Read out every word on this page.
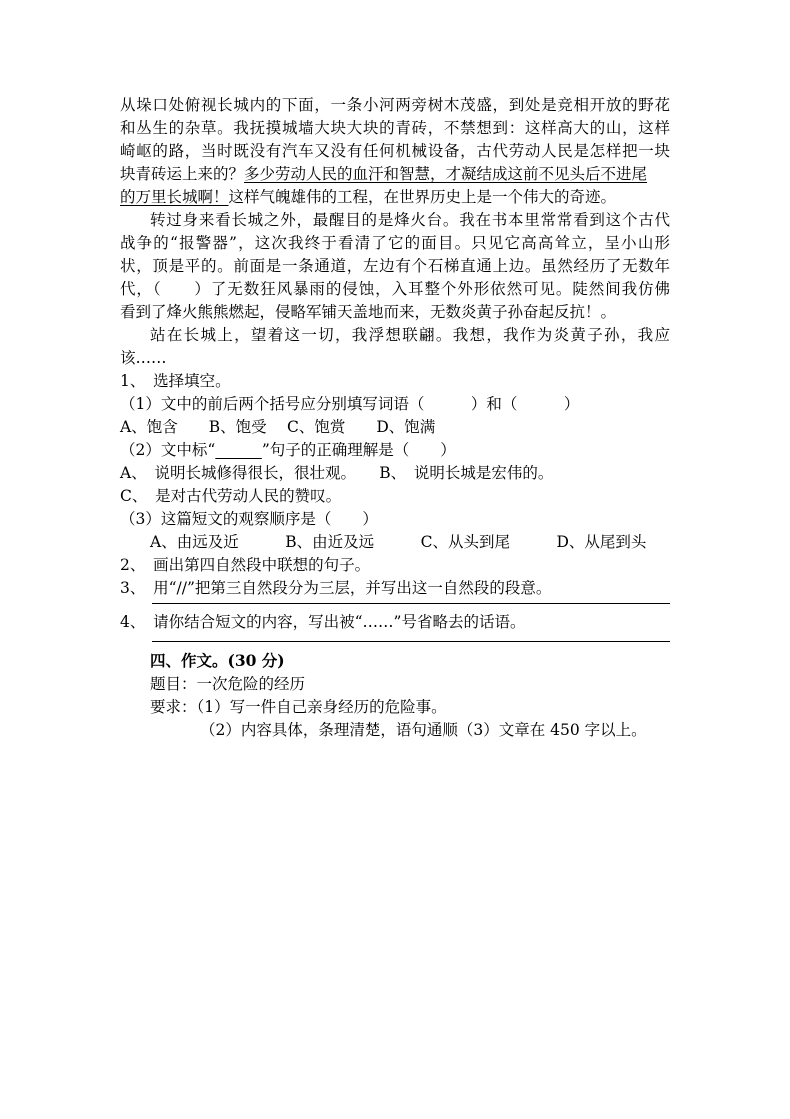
从垛口处俯视长城内的下面，一条小河两旁树木茂盛，到处是竞相开放的野花
和丛生的杂草。我抚摸城墙大块大块的青砖，不禁想到：这样高大的山，这样
崎岖的路，当时既没有汽车又没有任何机械设备，古代劳动人民是怎样把一块
块青砖运上来的？多少劳动人民的血汗和智慧，才凝结成这前不见头后不进尾
的万里长城啊！这样气魄雄伟的工程，在世界历史上是一个伟大的奇迹。
转过身来看长城之外，最醒目的是烽火台。我在书本里常常看到这个古代
战争的“报警器”，这次我终于看清了它的面目。只见它高高耸立，呈小山形
状，顶是平的。前面是一条通道，左边有个石梯直通上边。虽然经历了无数年
代，（　　）了无数狂风暴雨的侵蚀，入耳整个外形依然可见。陡然间我仿佛
看到了烽火熊熊燃起，侵略军铺天盖地而来，无数炎黄子孙奋起反抗！。
站在长城上，望着这一切，我浮想联翩。我想，我作为炎黄子孙，我应
该……
1、　选择填空。
（1）文中的前后两个括号应分别填写词语（　　　）和（　　　）
A、饱含　　B、饱受　 C、饱赏　　D、饱满
（2）文中标“　　　	”句子的正确理解是（　　）
A、　说明长城修得很长，很壮观。　　B、　说明长城是宏伟的。
C、　是对古代劳动人民的赞叹。
（3）这篇短文的观察顺序是（　　）
A、由远及近　　　B、由近及远　　　C、从头到尾　　　D、从尾到头
2、　画出第四自然段中联想的句子。
3、　用“//”把第三自然段分为三层，并写出这一自然段的段意。
4、　请你结合短文的内容，写出被“……”号省略去的话语。
四、作文。(30 分)
题目：一次危险的经历
要求：（1）写一件自己亲身经历的危险事。
（2）内容具体，条理清楚，语句通顺（3）文章在 450 字以上。
